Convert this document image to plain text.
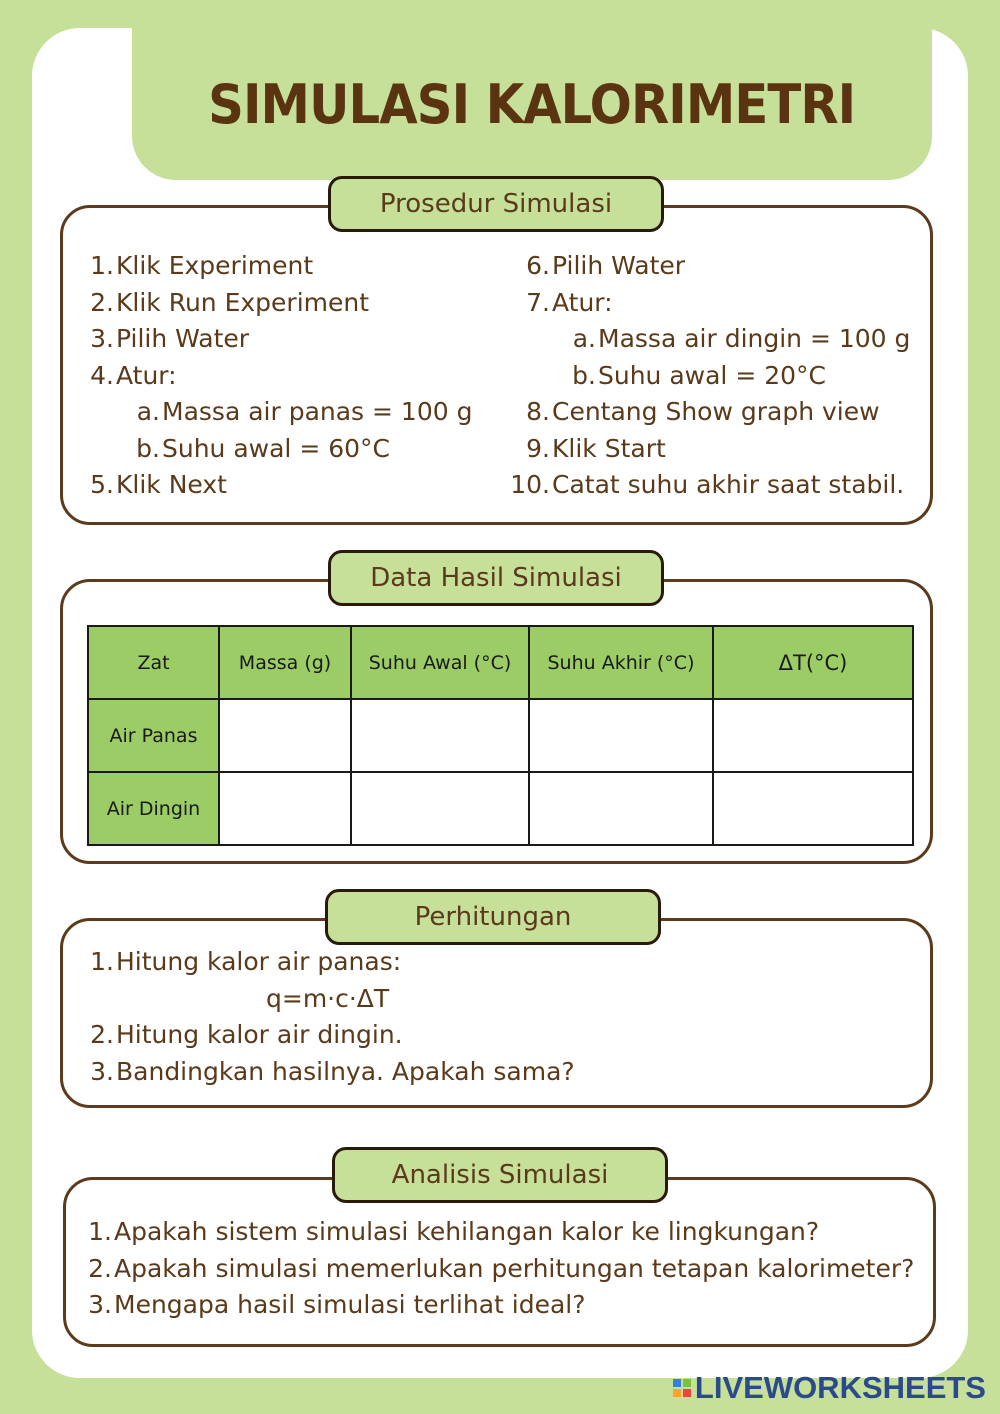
SIMULASI KALORIMETRI
Prosedur Simulasi
1. Klik Experiment
2. Klik Run Experiment
3. Pilih Water
4. Atur:
a. Massa air panas = 100 g
b. Suhu awal = 60°C
5. Klik Next
6. Pilih Water
7. Atur:
a. Massa air dingin = 100 g
b. Suhu awal = 20°C
8. Centang Show graph view
9. Klik Start
10. Catat suhu akhir saat stabil.
Data Hasil Simulasi
Zat	Massa (g)	Suhu Awal (°C)	Suhu Akhir (°C)	ΔT(°C)
Air Panas				
Air Dingin				
Perhitungan
1. Hitung kalor air panas:
2. Hitung kalor air dingin.
3. Bandingkan hasilnya. Apakah sama?
q=m·c·ΔT
Analisis Simulasi
1. Apakah sistem simulasi kehilangan kalor ke lingkungan?
2. Apakah simulasi memerlukan perhitungan tetapan kalorimeter?
3. Mengapa hasil simulasi terlihat ideal?
LIVEWORKSHEETS
